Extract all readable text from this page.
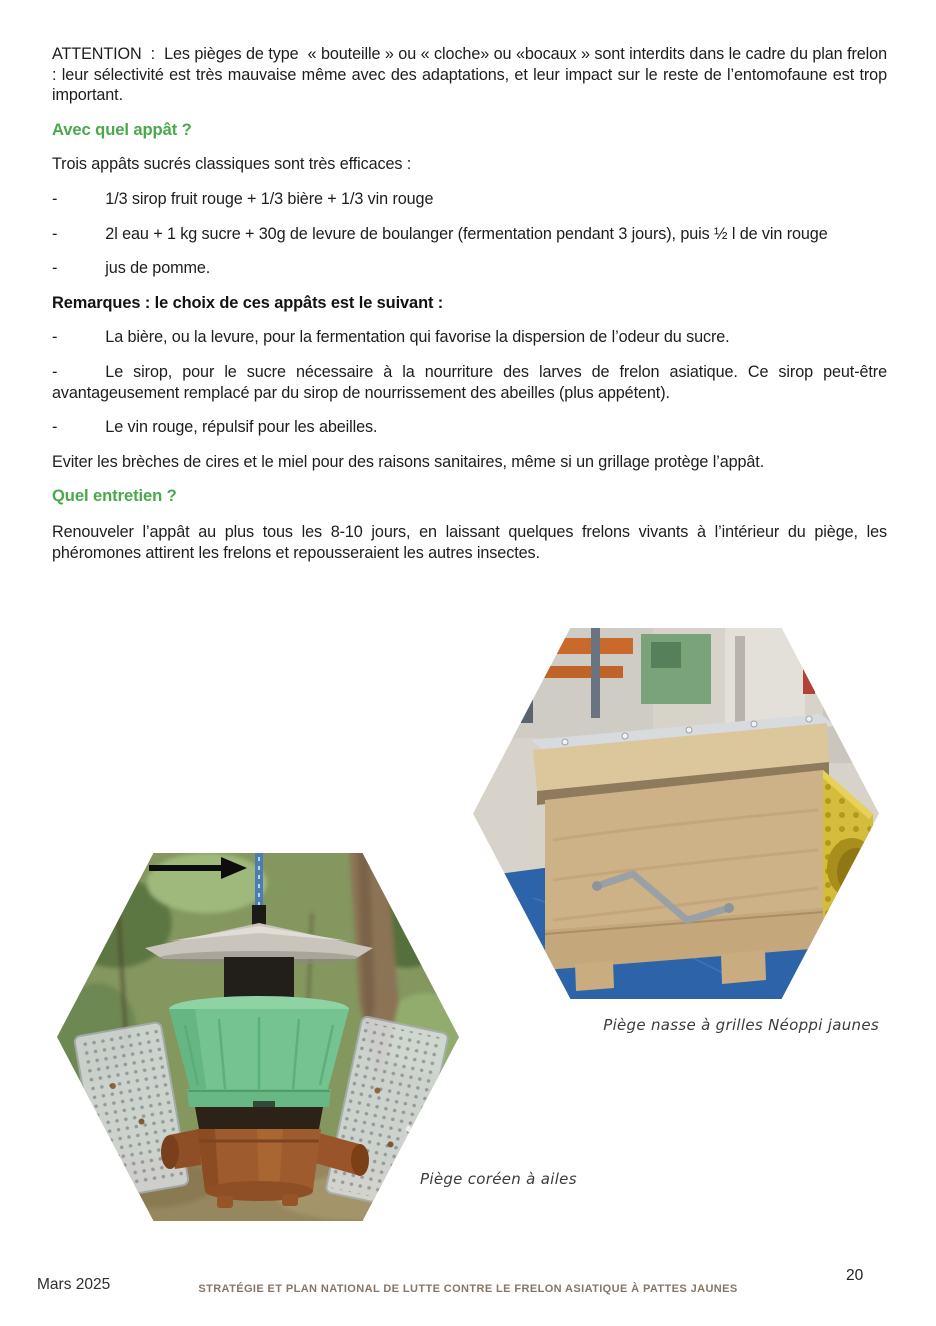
ATTENTION  :  Les pièges de type  « bouteille » ou « cloche» ou «bocaux » sont interdits dans le cadre du plan frelon : leur sélectivité est très mauvaise même avec des adaptations, et leur impact sur le reste de l’entomofaune est trop important.

Avec quel appât ?

Trois appâts sucrés classiques sont très efficaces :

-	1/3 sirop fruit rouge + 1/3 bière + 1/3 vin rouge

-	2l eau + 1 kg sucre + 30g de levure de boulanger (fermentation pendant 3 jours), puis ½ l de vin rouge

-	jus de pomme.

Remarques : le choix de ces appâts est le suivant :

-	La bière, ou la levure, pour la fermentation qui favorise la dispersion de l’odeur du sucre.

-	Le sirop, pour le sucre nécessaire à la nourriture des larves de frelon asiatique. Ce sirop peut-être avantageusement remplacé par du sirop de nourrissement des abeilles (plus appétent).

-	Le vin rouge, répulsif pour les abeilles.

Eviter les brèches de cires et le miel pour des raisons sanitaires, même si un grillage protège l’appât.

Quel entretien ?

Renouveler l’appât au plus tous les 8-10 jours, en laissant quelques frelons vivants à l’intérieur du piège, les phéromones attirent les frelons et repousseraient les autres insectes.

Piège nasse à grilles Néoppi jaunes
Piège coréen à ailes
Mars 2025	STRATÉGIE ET PLAN NATIONAL DE LUTTE CONTRE LE FRELON ASIATIQUE À PATTES JAUNES
20
